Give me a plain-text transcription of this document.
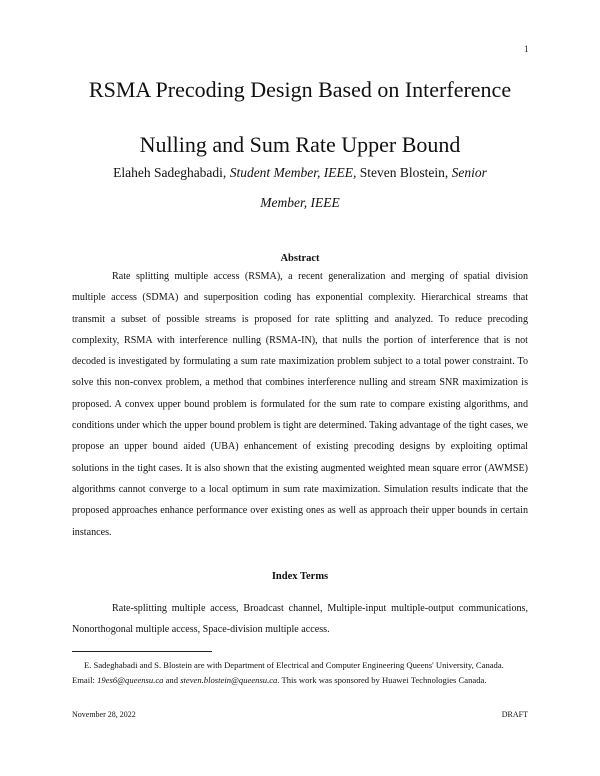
1
RSMA Precoding Design Based on Interference
Nulling and Sum Rate Upper Bound
Elaheh Sadeghabadi, Student Member, IEEE, Steven Blostein, Senior
Member, IEEE
Abstract
Rate splitting multiple access (RSMA), a recent generalization and merging of spatial division multiple access (SDMA) and superposition coding has exponential complexity. Hierarchical streams that transmit a subset of possible streams is proposed for rate splitting and analyzed. To reduce precoding complexity, RSMA with interference nulling (RSMA-IN), that nulls the portion of interference that is not decoded is investigated by formulating a sum rate maximization problem subject to a total power constraint. To solve this non-convex problem, a method that combines interference nulling and stream SNR maximization is proposed. A convex upper bound problem is formulated for the sum rate to compare existing algorithms, and conditions under which the upper bound problem is tight are determined. Taking advantage of the tight cases, we propose an upper bound aided (UBA) enhancement of existing precoding designs by exploiting optimal solutions in the tight cases. It is also shown that the existing augmented weighted mean square error (AWMSE) algorithms cannot converge to a local optimum in sum rate maximization. Simulation results indicate that the proposed approaches enhance performance over existing ones as well as approach their upper bounds in certain instances.
Index Terms
Rate-splitting multiple access, Broadcast channel, Multiple-input multiple-output communications, Nonorthogonal multiple access, Space-division multiple access.
E. Sadeghabadi and S. Blostein are with Department of Electrical and Computer Engineering Queens' University, Canada.
Email: 19es6@queensu.ca and steven.blostein@queensu.ca. This work was sponsored by Huawei Technologies Canada.
November 28, 2022	DRAFT
